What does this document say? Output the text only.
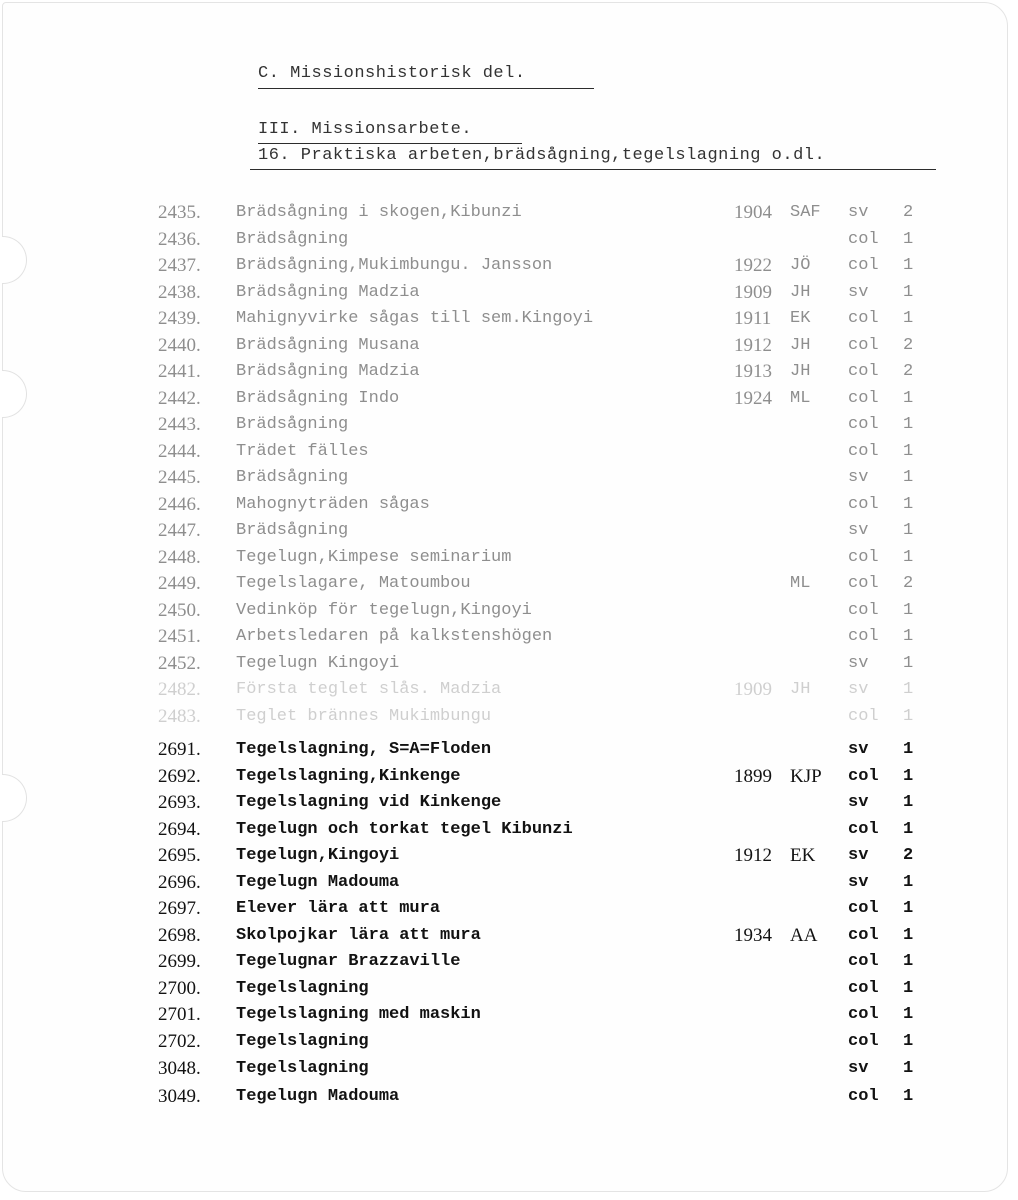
C. Missionshistorisk del.
III. Missionsarbete.
16. Praktiska arbeten,brädsågning,tegelslagning o.dl.
2435. Brädsågning i skogen,Kibunzi	1904 SAF sv 2
2436. Brädsågning	col 1
2437. Brädsågning,Mukimbungu. Jansson	1922 JÖ col 1
2438. Brädsågning Madzia	1909 JH sv 1
2439. Mahignyvirke sågas till sem.Kingoyi	1911 EK col 1
2440. Brädsågning Musana	1912 JH col 2
2441. Brädsågning Madzia	1913 JH col 2
2442. Brädsågning Indo	1924 ML col 1
2443. Brädsågning	col 1
2444. Trädet fälles	col 1
2445. Brädsågning	sv 1
2446. Mahognyträden sågas	col 1
2447. Brädsågning	sv 1
2448. Tegelugn,Kimpese seminarium	col 1
2449. Tegelslagare, Matoumbou	ML col 2
2450. Vedinköp för tegelugn,Kingoyi	col 1
2451. Arbetsledaren på kalkstenshögen	col 1
2452. Tegelugn Kingoyi	sv 1
2482. Första teglet slås. Madzia	1909 JH sv 1
2483. Teglet brännes Mukimbungu	col 1
2691. Tegelslagning, S=A=Floden	sv 1
2692. Tegelslagning,Kinkenge	1899 KJP col 1
2693. Tegelslagning vid Kinkenge	sv 1
2694. Tegelugn och torkat tegel Kibunzi	col 1
2695. Tegelugn,Kingoyi	1912 EK sv 2
2696. Tegelugn Madouma	sv 1
2697. Elever lära att mura	col 1
2698. Skolpojkar lära att mura	1934 AA col 1
2699. Tegelugnar Brazzaville	col 1
2700. Tegelslagning	col 1
2701. Tegelslagning med maskin	col 1
2702. Tegelslagning	col 1
3048. Tegelslagning	sv 1
3049. Tegelugn Madouma	col 1
